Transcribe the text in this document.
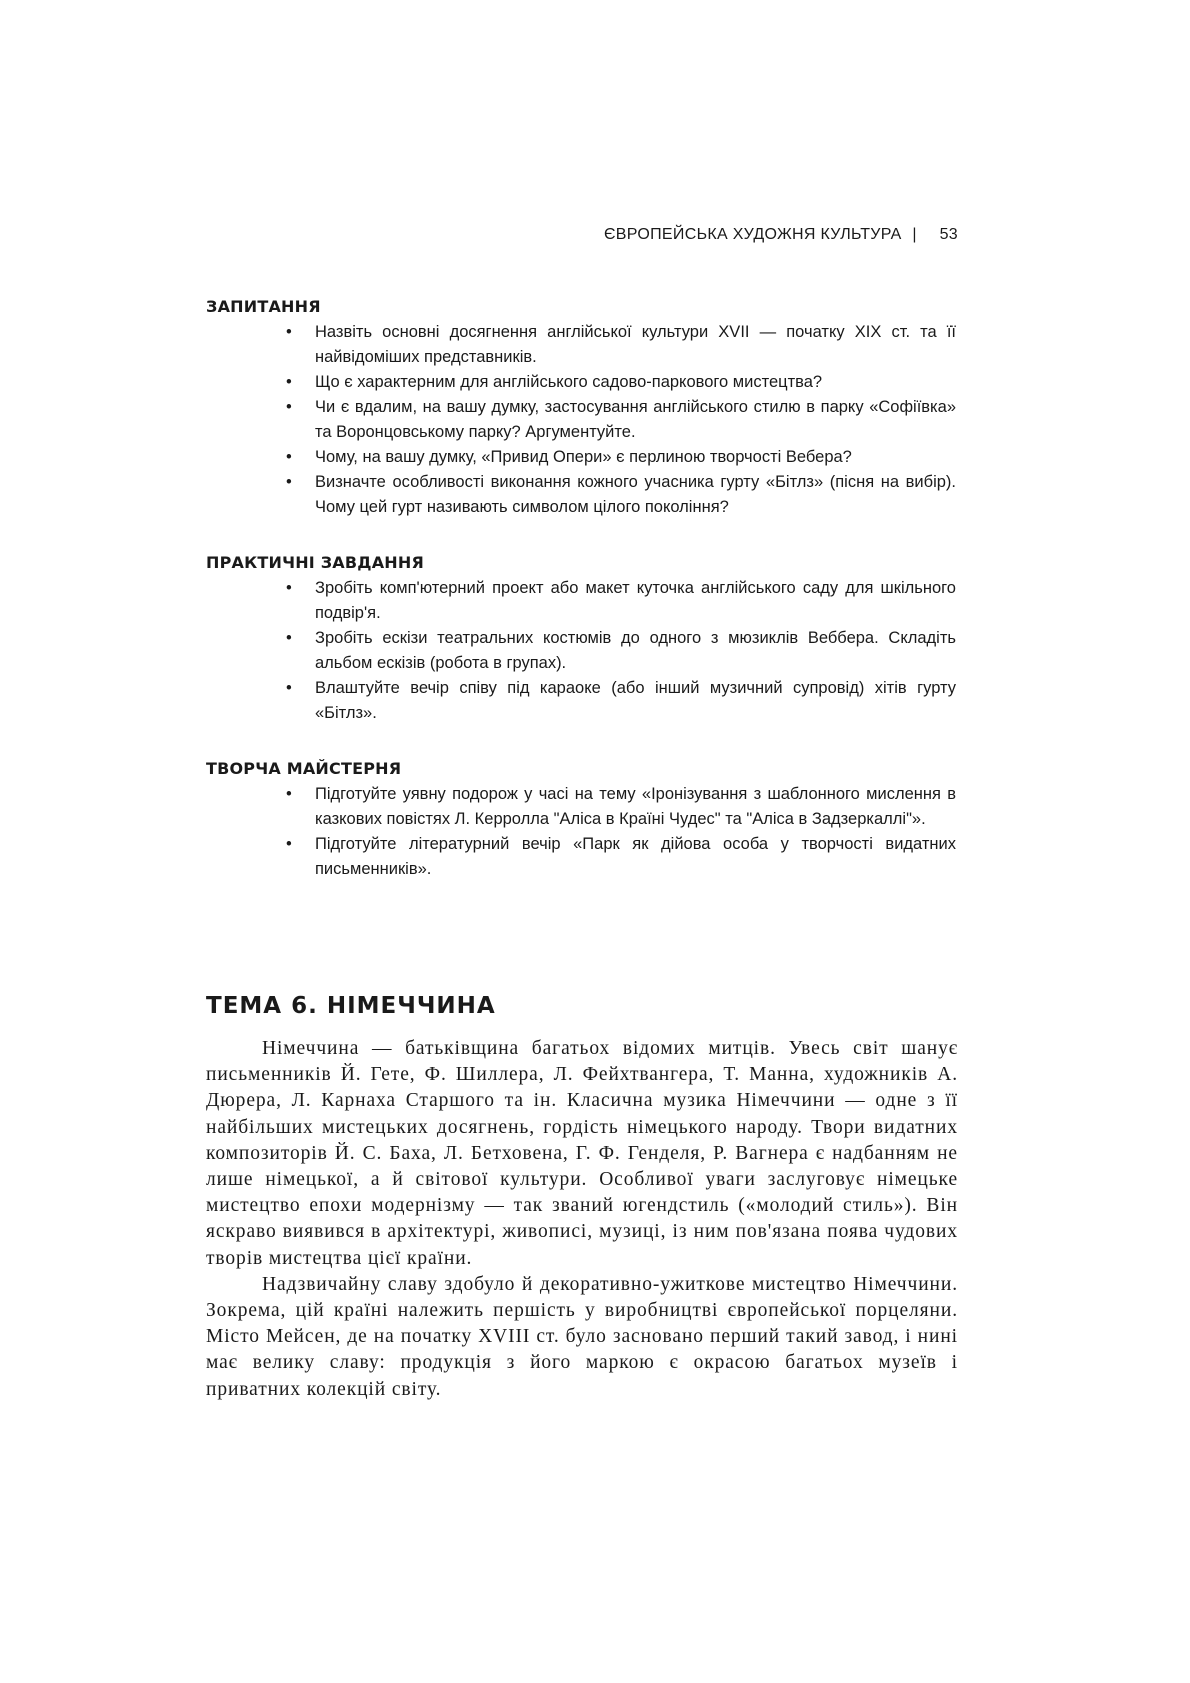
ЄВРОПЕЙСЬКА ХУДОЖНЯ КУЛЬТУРА | 53
ЗАПИТАННЯ
• Назвіть основні досягнення англійської культури XVII — початку XIX ст. та її найвідоміших представників.
• Що є характерним для англійського садово-паркового мистецтва?
• Чи є вдалим, на вашу думку, застосування англійського стилю в парку «Софіївка» та Воронцовському парку? Аргументуйте.
• Чому, на вашу думку, «Привид Опери» є перлиною творчості Вебера?
• Визначте особливості виконання кожного учасника гурту «Бітлз» (пісня на вибір). Чому цей гурт називають символом цілого покоління?
ПРАКТИЧНІ ЗАВДАННЯ
• Зробіть комп'ютерний проект або макет куточка англійського саду для шкільного подвір'я.
• Зробіть ескізи театральних костюмів до одного з мюзиклів Веббера. Складіть альбом ескізів (робота в групах).
• Влаштуйте вечір співу під караоке (або інший музичний супровід) хітів гурту «Бітлз».
ТВОРЧА МАЙСТЕРНЯ
• Підготуйте уявну подорож у часі на тему «Іронізування з шаблонного мислення в казкових повістях Л. Керролла "Аліса в Країні Чудес" та "Аліса в Задзеркаллі"».
• Підготуйте літературний вечір «Парк як дійова особа у творчості видатних письменників».
ТЕМА 6. НІМЕЧЧИНА

Німеччина — батьківщина багатьох відомих митців. Увесь світ шанує письменників Й. Гете, Ф. Шиллера, Л. Фейхтвангера, Т. Манна, художників А. Дюрера, Л. Карнаха Старшого та ін. Класична музика Німеччини — одне з її найбільших мистецьких досягнень, гордість німецького народу. Твори видатних композиторів Й. С. Баха, Л. Бетховена, Г. Ф. Генделя, Р. Вагнера є надбанням не лише німецької, а й світової культури. Особливої уваги заслуговує німецьке мистецтво епохи модернізму — так званий югендстиль («молодий стиль»). Він яскраво виявився в архітектурі, живописі, музиці, із ним пов'язана поява чудових творів мистецтва цієї країни.

Надзвичайну славу здобуло й декоративно-ужиткове мистецтво Німеччини. Зокрема, цій країні належить першість у виробництві європейської порцеляни. Місто Мейсен, де на початку XVIII ст. було засновано перший такий завод, і нині має велику славу: продукція з його маркою є окрасою багатьох музеїв і приватних колекцій світу.
